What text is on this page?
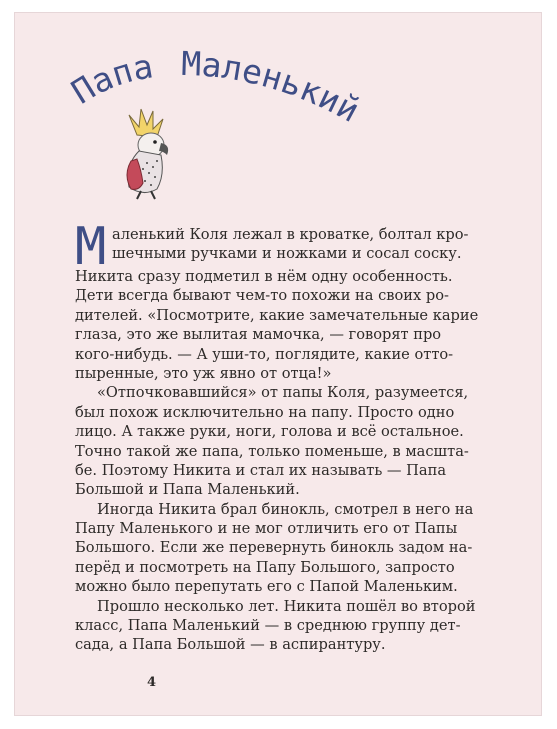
Папа Маленький
М аленький Коля лежал в кроватке, болтал кро-
шечными ручками и ножками и сосал соску.
Никита сразу подметил в нём одну особенность.
Дети всегда бывают чем-то похожи на своих ро-
дителей. «Посмотрите, какие замечательные карие
глаза, это же вылитая мамочка, — говорят про
кого-нибудь. — А уши-то, поглядите, какие отто-
пыренные, это уж явно от отца!»
«Отпочковавшийся» от папы Коля, разумеется,
был похож исключительно на папу. Просто одно
лицо. А также руки, ноги, голова и всё остальное.
Точно такой же папа, только поменьше, в масшта-
бе. Поэтому Никита и стал их называть — Папа
Большой и Папа Маленький.
Иногда Никита брал бинокль, смотрел в него на
Папу Маленького и не мог отличить его от Папы
Большого. Если же перевернуть бинокль задом на-
перёд и посмотреть на Папу Большого, запросто
можно было перепутать его с Папой Маленьким.
Прошло несколько лет. Никита пошёл во второй
класс, Папа Маленький — в среднюю группу дет-
сада, а Папа Большой — в аспирантуру.
4
